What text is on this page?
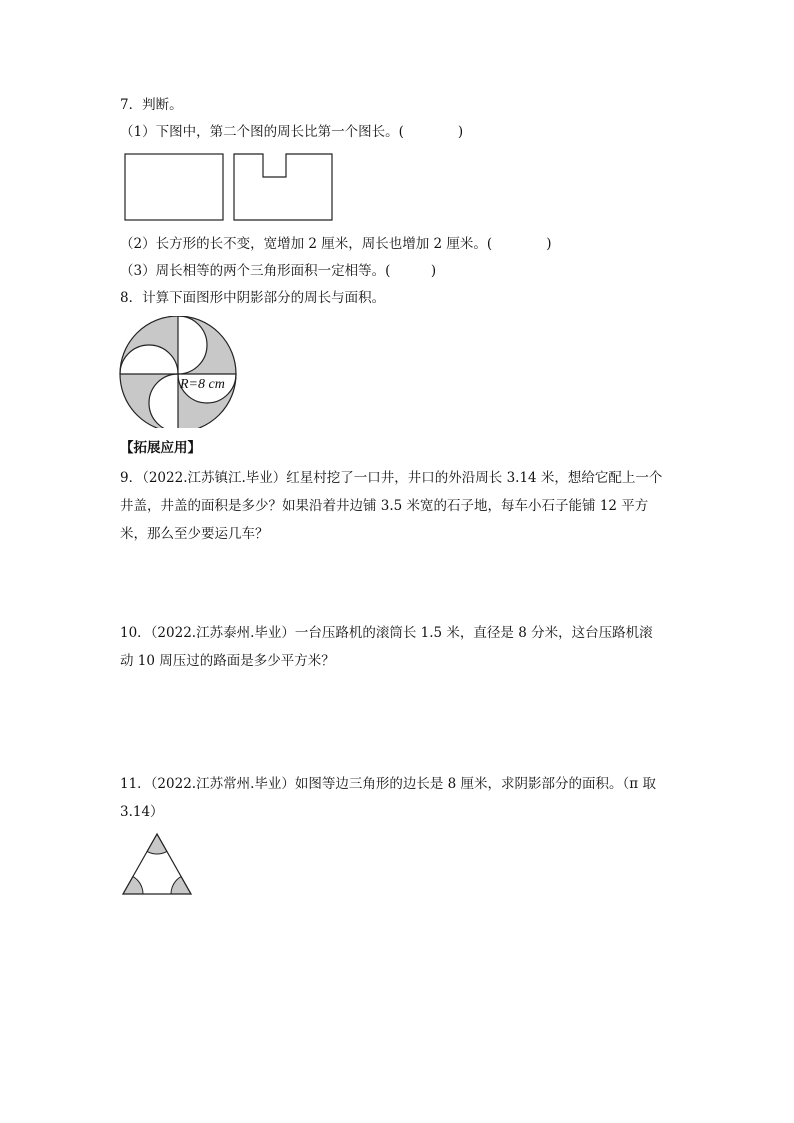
7．判断。
（1）下图中，第二个图的周长比第一个图长。(　　　　)
（2）长方形的长不变，宽增加 2 厘米，周长也增加 2 厘米。(　　　　)
（3）周长相等的两个三角形面积一定相等。(　　　)
8．计算下面图形中阴影部分的周长与面积。
R=8 cm
【拓展应用】
9．（2022.江苏镇江.毕业）红星村挖了一口井，井口的外沿周长 3.14 米，想给它配上一个井盖，井盖的面积是多少？如果沿着井边铺 3.5 米宽的石子地，每车小石子能铺 12 平方米，那么至少要运几车？
10．（2022.江苏泰州.毕业）一台压路机的滚筒长 1.5 米，直径是 8 分米，这台压路机滚动 10 周压过的路面是多少平方米？
11．（2022.江苏常州.毕业）如图等边三角形的边长是 8 厘米，求阴影部分的面积。（π 取 3.14）
